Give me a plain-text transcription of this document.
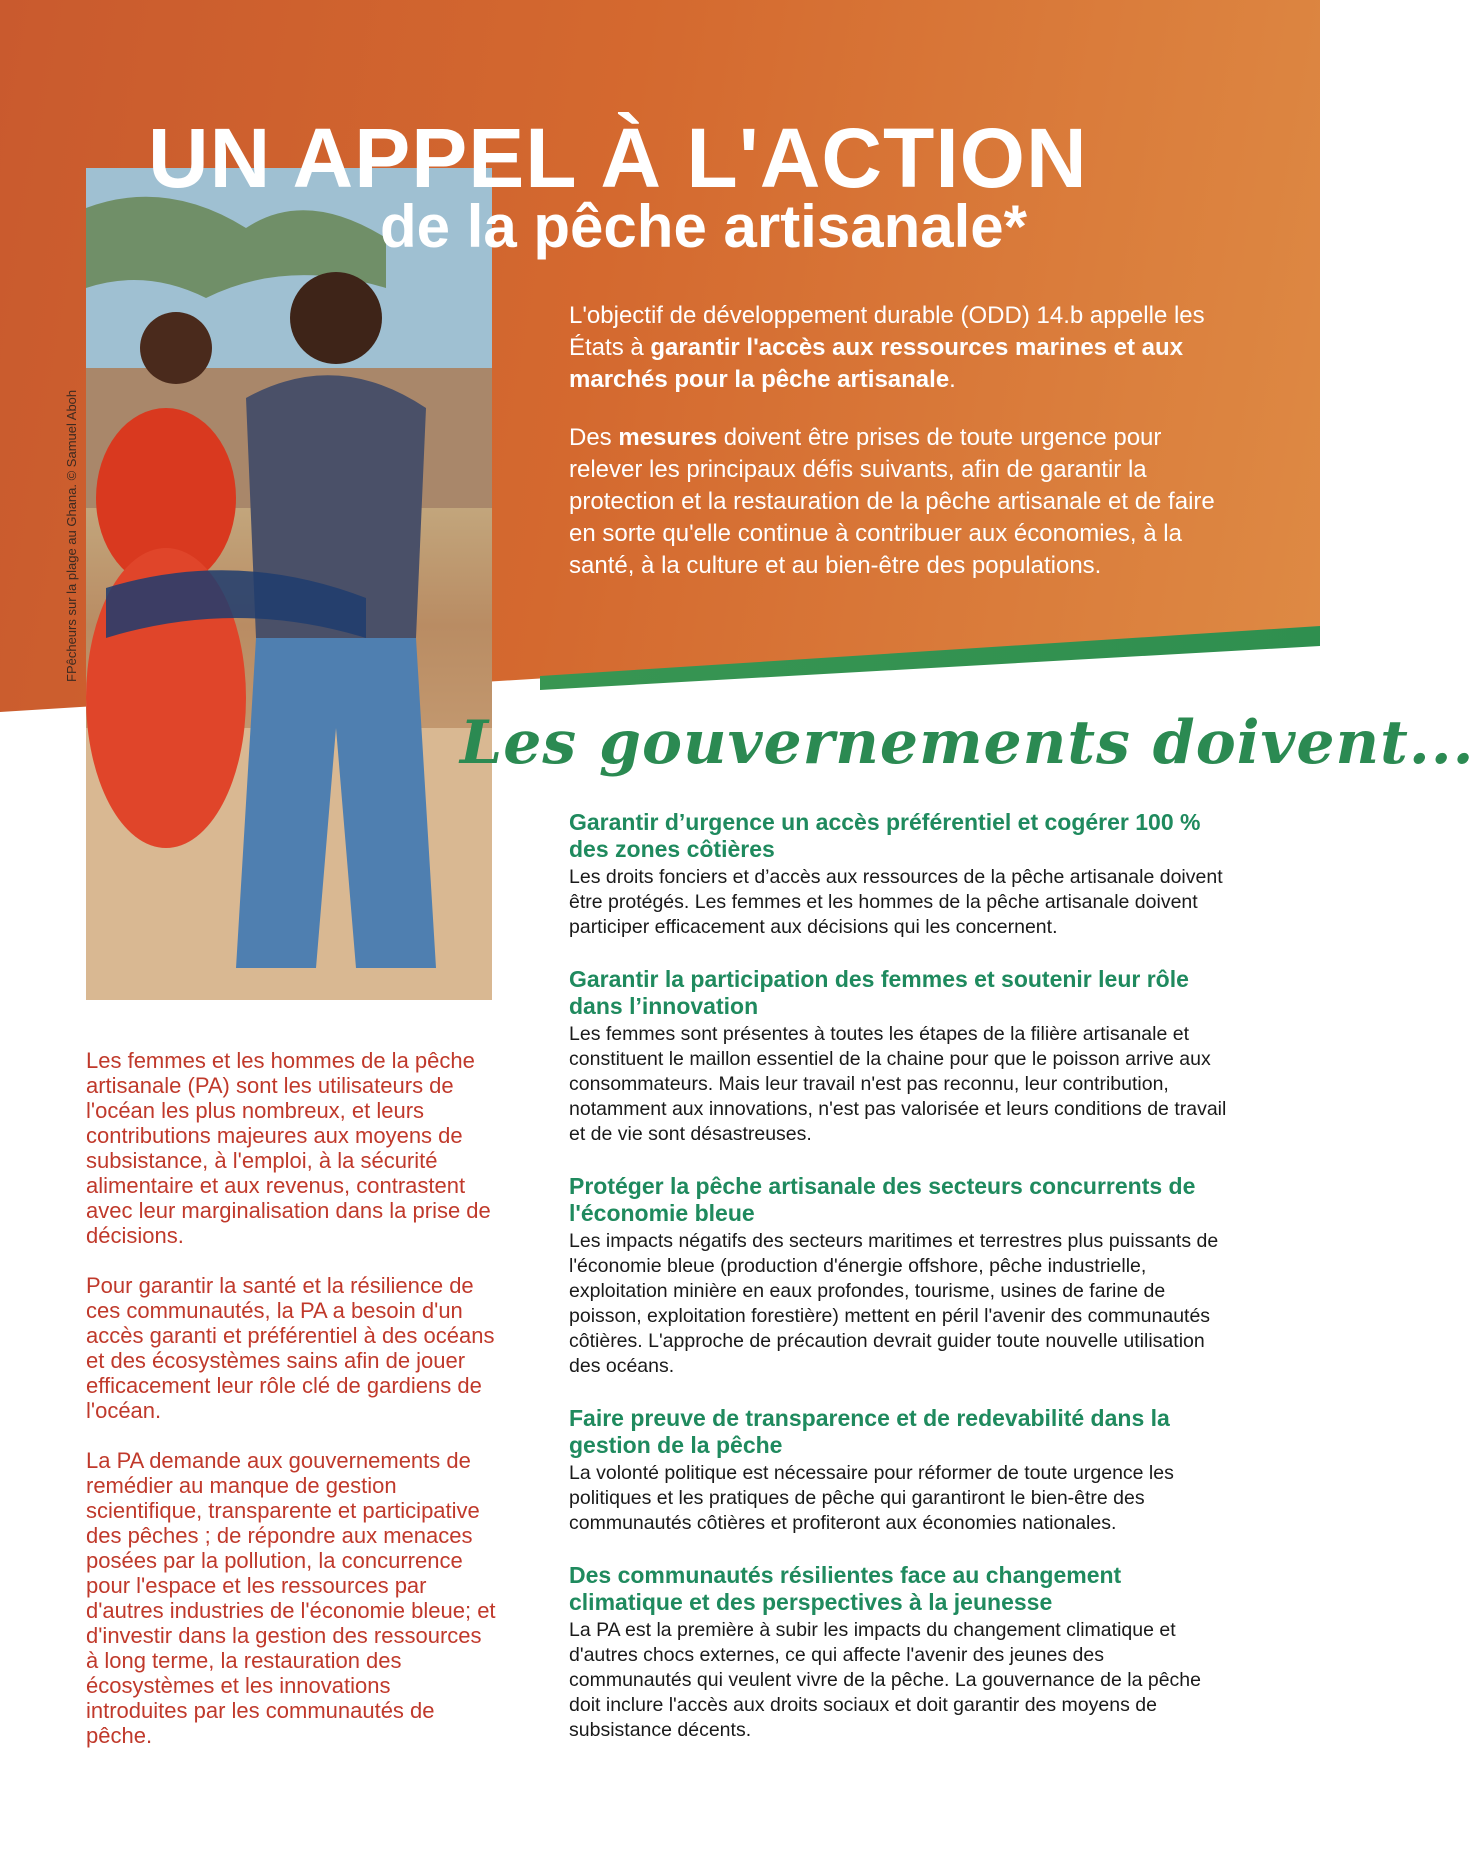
UN APPEL À L'ACTION
de la pêche artisanale*
FPêcheurs sur la plage au Ghana. © Samuel Aboh

L'objectif de développement durable (ODD) 14.b appelle les États à garantir l'accès aux ressources marines et aux marchés pour la pêche artisanale.

Des mesures doivent être prises de toute urgence pour relever les principaux défis suivants, afin de garantir la protection et la restauration de la pêche artisanale et de faire en sorte qu'elle continue à contribuer aux économies, à la santé, à la culture et au bien-être des populations.

Les gouvernements doivent...

Les femmes et les hommes de la pêche artisanale (PA) sont les utilisateurs de l'océan les plus nombreux, et leurs contributions majeures aux moyens de subsistance, à l'emploi, à la sécurité alimentaire et aux revenus, contrastent avec leur marginalisation dans la prise de décisions.

Pour garantir la santé et la résilience de ces communautés, la PA a besoin d'un accès garanti et préférentiel à des océans et des écosystèmes sains afin de jouer efficacement leur rôle clé de gardiens de l'océan.

La PA demande aux gouvernements de remédier au manque de gestion scientifique, transparente et participative des pêches ; de répondre aux menaces posées par la pollution, la concurrence pour l'espace et les ressources par d'autres industries de l'économie bleue; et d'investir dans la gestion des ressources à long terme, la restauration des écosystèmes et les innovations introduites par les communautés de pêche.

Garantir d’urgence un accès préférentiel et cogérer 100 % des zones côtières

Les droits fonciers et d’accès aux ressources de la pêche artisanale doivent être protégés. Les femmes et les hommes de la pêche artisanale doivent participer efficacement aux décisions qui les concernent.

Garantir la participation des femmes et soutenir leur rôle dans l’innovation

Les femmes sont présentes à toutes les étapes de la filière artisanale et constituent le maillon essentiel de la chaine pour que le poisson arrive aux consommateurs. Mais leur travail n'est pas reconnu, leur contribution, notamment aux innovations, n'est pas valorisée et leurs conditions de travail et de vie sont désastreuses.

Protéger la pêche artisanale des secteurs concurrents de l'économie bleue

Les impacts négatifs des secteurs maritimes et terrestres plus puissants de l'économie bleue (production d'énergie offshore, pêche industrielle, exploitation minière en eaux profondes, tourisme, usines de farine de poisson, exploitation forestière) mettent en péril l'avenir des communautés côtières. L'approche de précaution devrait guider toute nouvelle utilisation des océans.

Faire preuve de transparence et de redevabilité dans la gestion de la pêche

La volonté politique est nécessaire pour réformer de toute urgence les politiques et les pratiques de pêche qui garantiront le bien-être des communautés côtières et profiteront aux économies nationales.

Des communautés résilientes face au changement climatique et des perspectives à la jeunesse

La PA est la première à subir les impacts du changement climatique et d'autres chocs externes, ce qui affecte l'avenir des jeunes des communautés qui veulent vivre de la pêche. La gouvernance de la pêche doit inclure l'accès aux droits sociaux et doit garantir des moyens de subsistance décents.
